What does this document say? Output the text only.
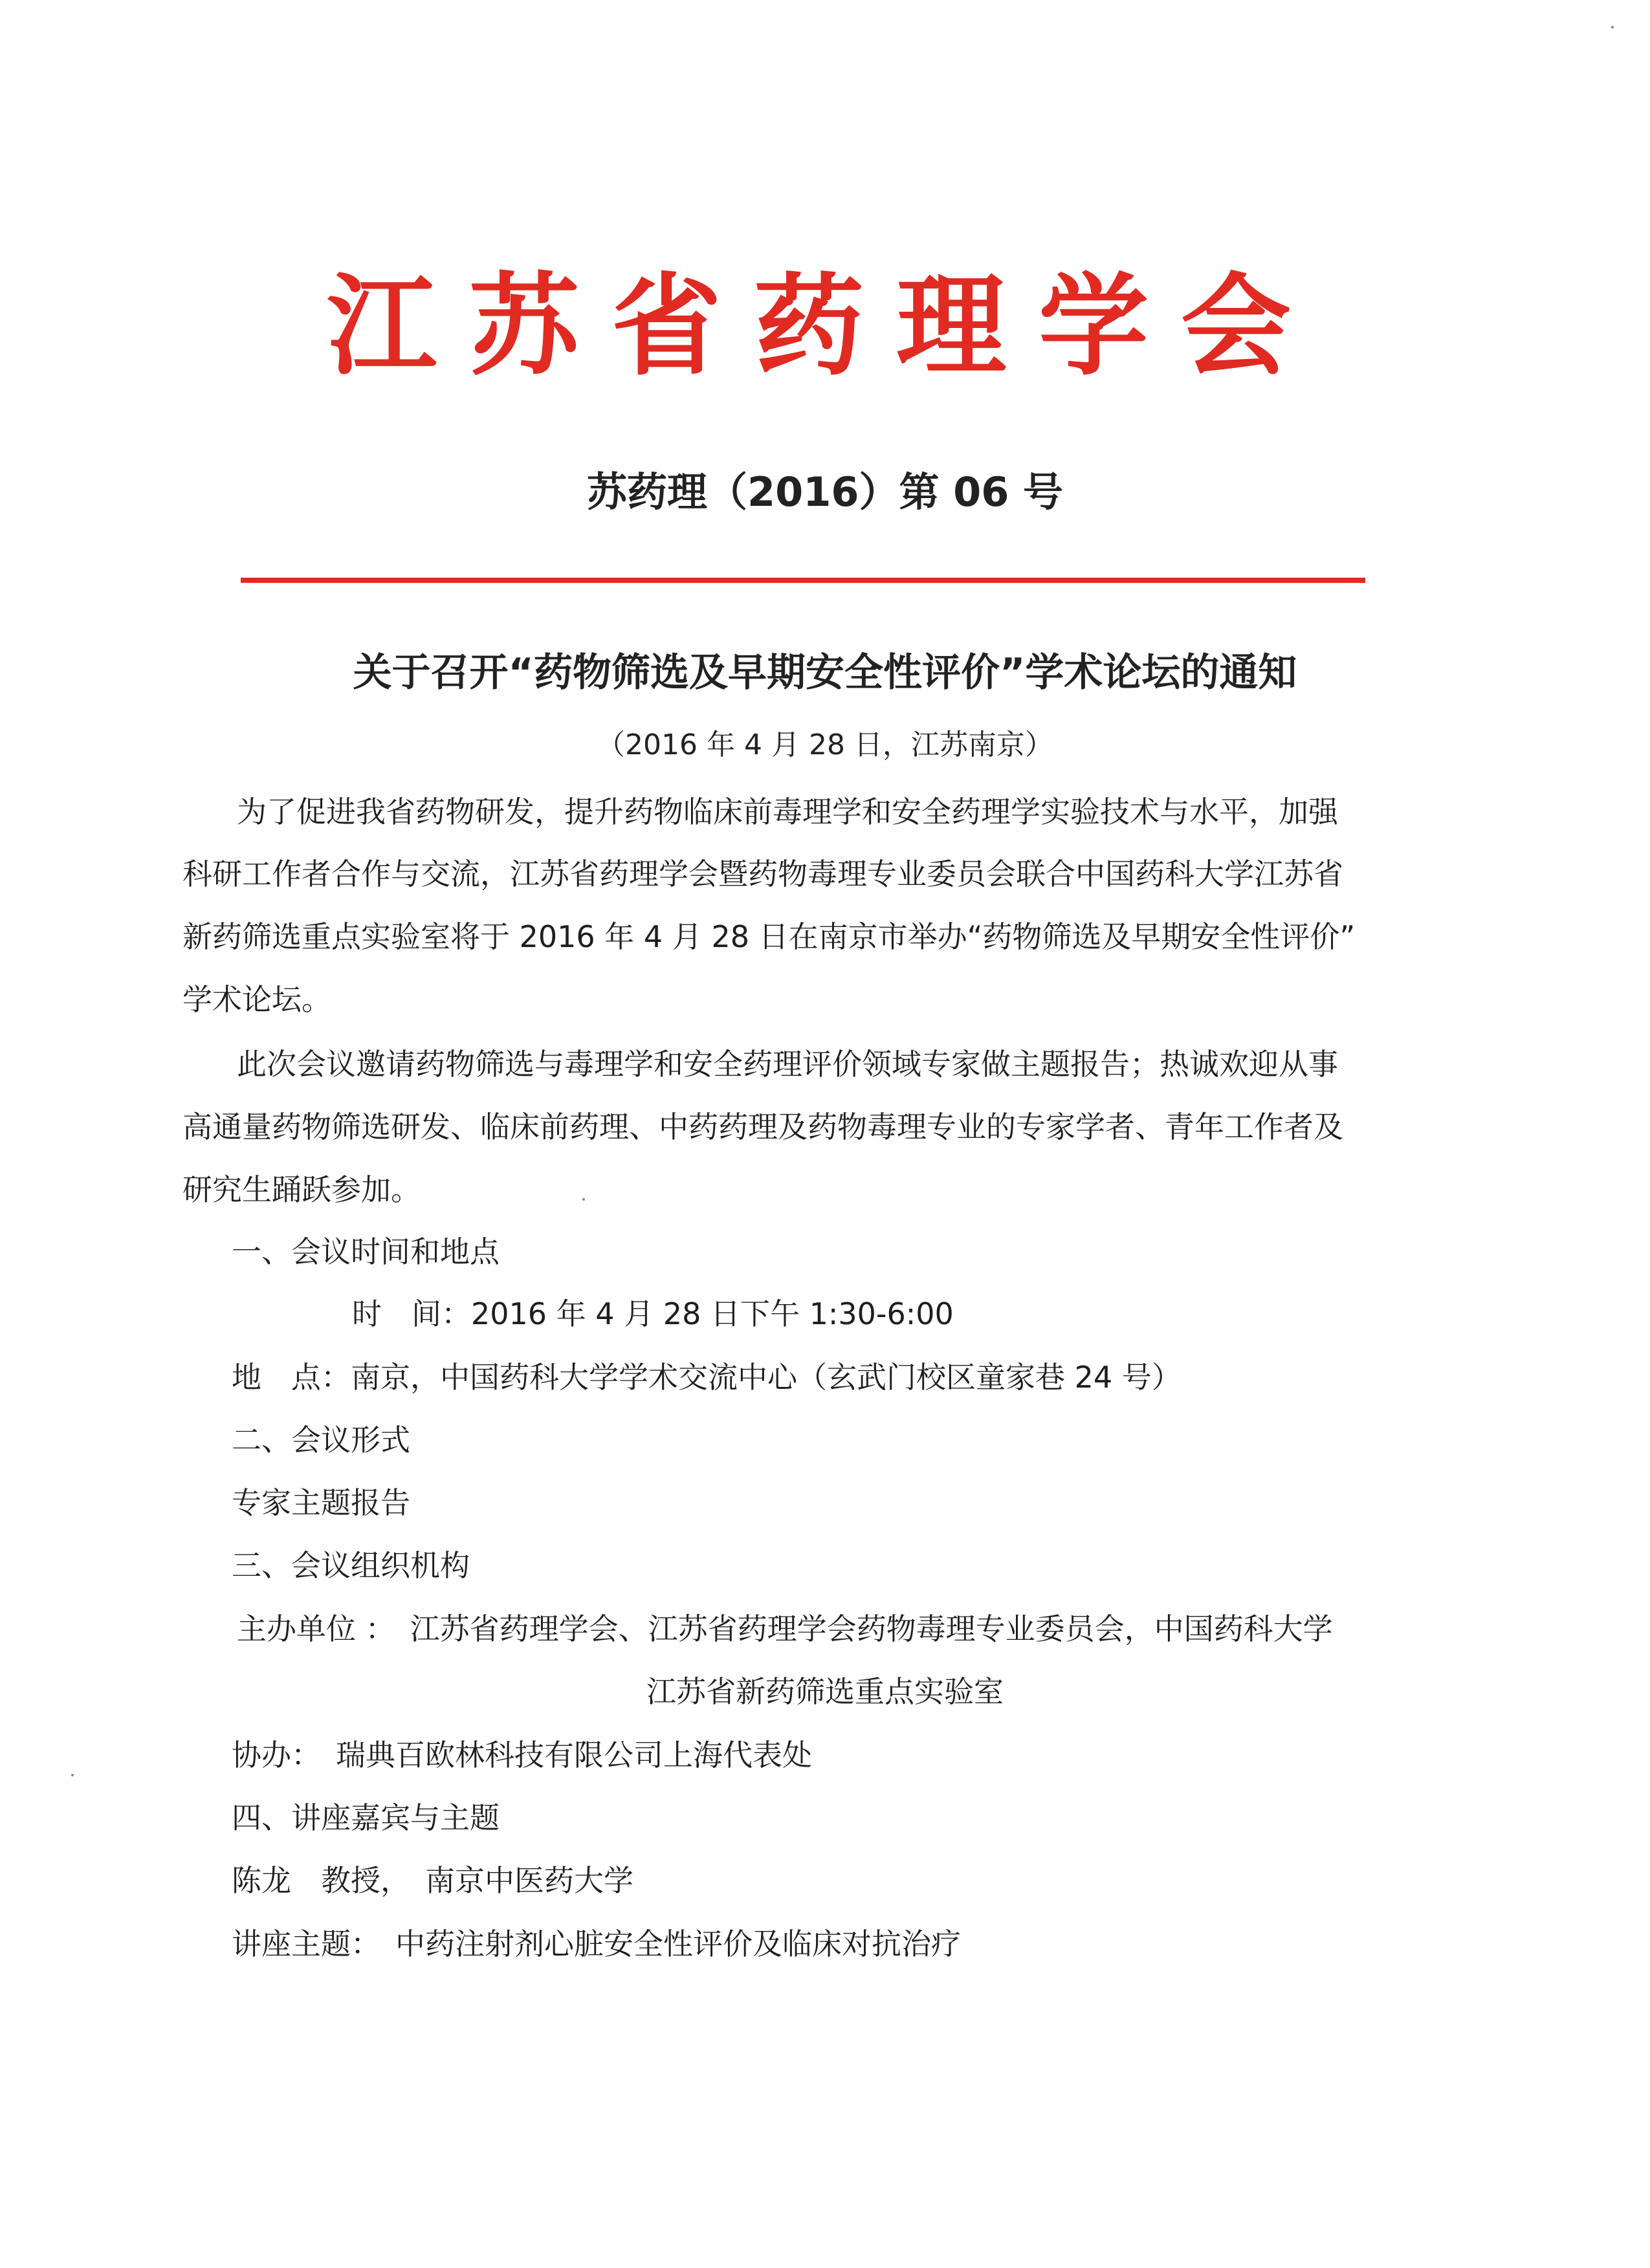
江苏省药理学会
苏药理（2016）第 06 号
关于召开“药物筛选及早期安全性评价”学术论坛的通知
（2016 年 4 月 28 日，江苏南京）
为了促进我省药物研发，提升药物临床前毒理学和安全药理学实验技术与水平，加强
科研工作者合作与交流，江苏省药理学会暨药物毒理专业委员会联合中国药科大学江苏省
新药筛选重点实验室将于 2016 年 4 月 28 日在南京市举办“药物筛选及早期安全性评价”
学术论坛。
此次会议邀请药物筛选与毒理学和安全药理评价领域专家做主题报告；热诚欢迎从事
高通量药物筛选研发、临床前药理、中药药理及药物毒理专业的专家学者、青年工作者及
研究生踊跃参加。
一、会议时间和地点
时　间：2016 年 4 月 28 日下午 1:30-6:00
地　点：南京，中国药科大学学术交流中心（玄武门校区童家巷 24 号）
二、会议形式
专家主题报告
三、会议组织机构
主办单位 ：　江苏省药理学会、江苏省药理学会药物毒理专业委员会，中国药科大学
江苏省新药筛选重点实验室
协办：　瑞典百欧林科技有限公司上海代表处
四、讲座嘉宾与主题
陈龙　教授，　南京中医药大学
讲座主题：　中药注射剂心脏安全性评价及临床对抗治疗
